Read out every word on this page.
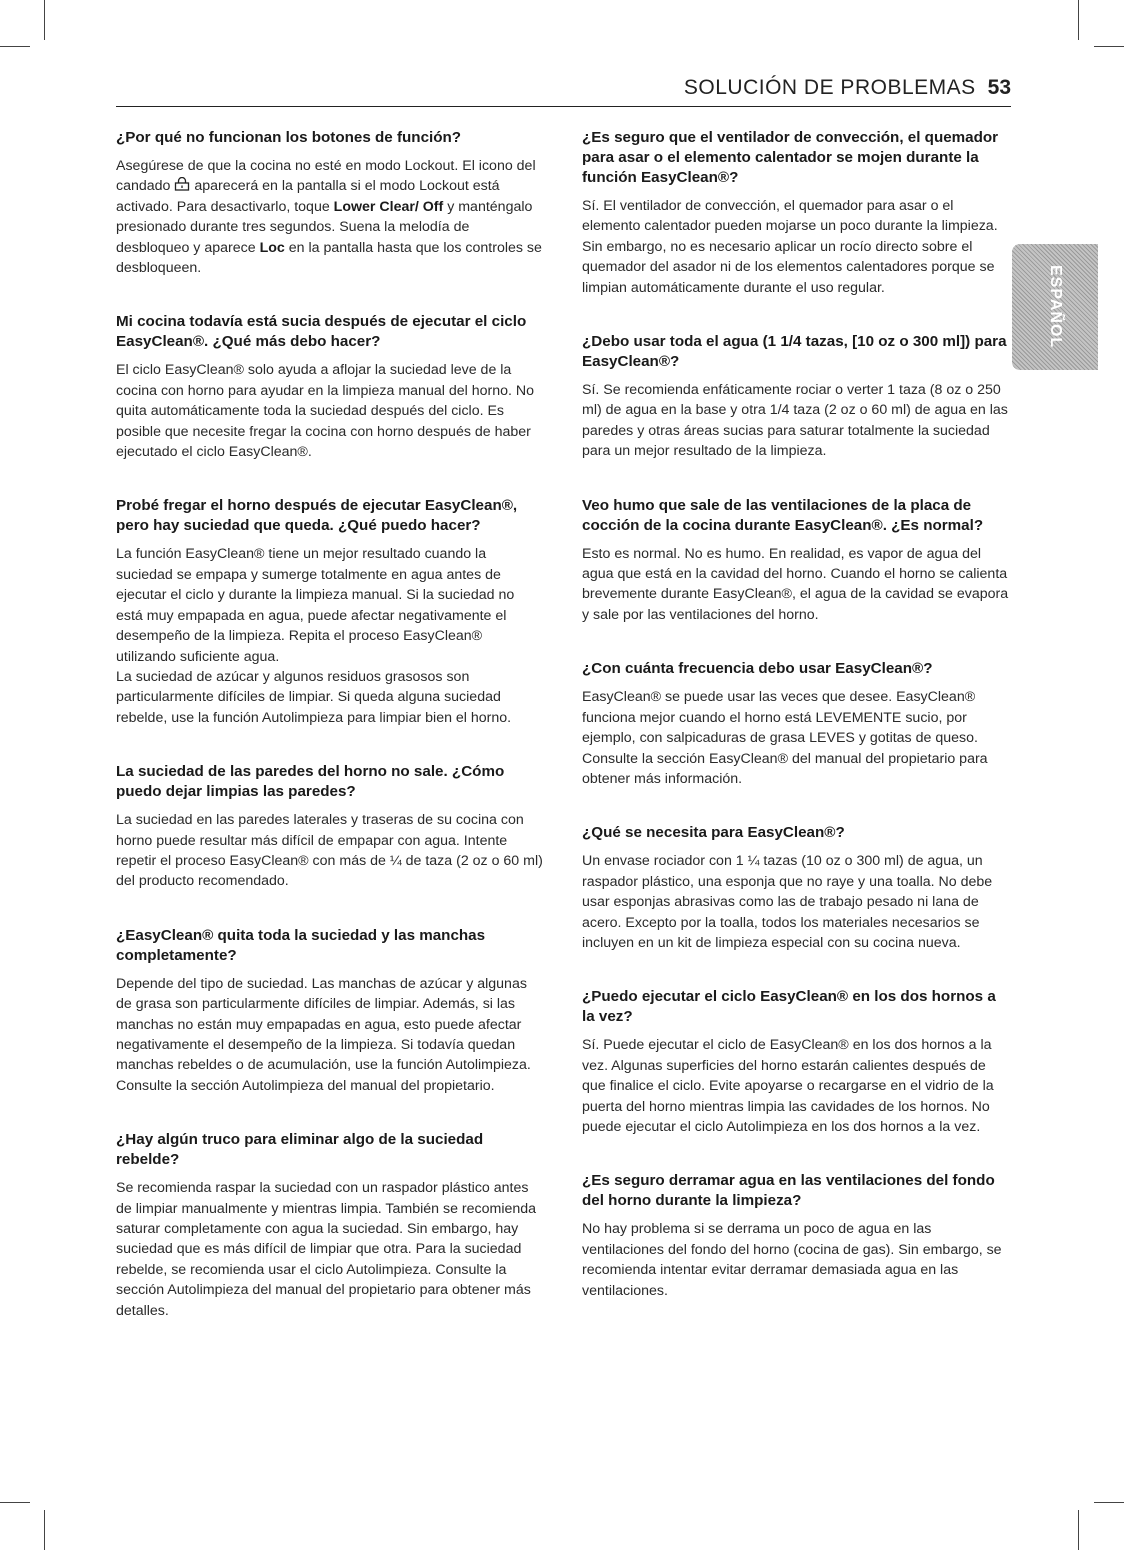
SOLUCIÓN DE PROBLEMAS 53
ESPAÑOL

¿Por qué no funcionan los botones de función?

Asegúrese de que la cocina no esté en modo Lockout. El icono del candado  aparecerá en la pantalla si el modo Lockout está activado. Para desactivarlo, toque Lower Clear/ Off y manténgalo presionado durante tres segundos. Suena la melodía de desbloqueo y aparece Loc en la pantalla hasta que los controles se desbloqueen.

Mi cocina todavía está sucia después de ejecutar el ciclo EasyClean®. ¿Qué más debo hacer?

El ciclo EasyClean® solo ayuda a aflojar la suciedad leve de la cocina con horno para ayudar en la limpieza manual del horno. No quita automáticamente toda la suciedad después del ciclo. Es posible que necesite fregar la cocina con horno después de haber ejecutado el ciclo EasyClean®.

Probé fregar el horno después de ejecutar EasyClean®, pero hay suciedad que queda. ¿Qué puedo hacer?

La función EasyClean® tiene un mejor resultado cuando la suciedad se empapa y sumerge totalmente en agua antes de ejecutar el ciclo y durante la limpieza manual. Si la suciedad no está muy empapada en agua, puede afectar negativamente el desempeño de la limpieza. Repita el proceso EasyClean® utilizando suficiente agua.

La suciedad de azúcar y algunos residuos grasosos son particularmente difíciles de limpiar. Si queda alguna suciedad rebelde, use la función Autolimpieza para limpiar bien el horno.

La suciedad de las paredes del horno no sale. ¿Cómo puedo dejar limpias las paredes?

La suciedad en las paredes laterales y traseras de su cocina con horno puede resultar más difícil de empapar con agua. Intente repetir el proceso EasyClean® con más de ¼ de taza (2 oz o 60 ml) del producto recomendado.

¿EasyClean® quita toda la suciedad y las manchas completamente?

Depende del tipo de suciedad. Las manchas de azúcar y algunas de grasa son particularmente difíciles de limpiar. Además, si las manchas no están muy empapadas en agua, esto puede afectar negativamente el desempeño de la limpieza. Si todavía quedan manchas rebeldes o de acumulación, use la función Autolimpieza. Consulte la sección Autolimpieza del manual del propietario.

¿Hay algún truco para eliminar algo de la suciedad rebelde?

Se recomienda raspar la suciedad con un raspador plástico antes de limpiar manualmente y mientras limpia. También se recomienda saturar completamente con agua la suciedad. Sin embargo, hay suciedad que es más difícil de limpiar que otra. Para la suciedad rebelde, se recomienda usar el ciclo Autolimpieza. Consulte la sección Autolimpieza del manual del propietario para obtener más detalles.

¿Es seguro que el ventilador de convección, el quemador para asar o el elemento calentador se mojen durante la función EasyClean®?

Sí. El ventilador de convección, el quemador para asar o el elemento calentador pueden mojarse un poco durante la limpieza. Sin embargo, no es necesario aplicar un rocío directo sobre el quemador del asador ni de los elementos calentadores porque se limpian automáticamente durante el uso regular.

¿Debo usar toda el agua (1 1/4 tazas, [10 oz o 300 ml]) para EasyClean®?

Sí. Se recomienda enfáticamente rociar o verter 1 taza (8 oz o 250 ml) de agua en la base y otra 1/4 taza (2 oz o 60 ml) de agua en las paredes y otras áreas sucias para saturar totalmente la suciedad para un mejor resultado de la limpieza.

Veo humo que sale de las ventilaciones de la placa de cocción de la cocina durante EasyClean®. ¿Es normal?

Esto es normal. No es humo. En realidad, es vapor de agua del agua que está en la cavidad del horno. Cuando el horno se calienta brevemente durante EasyClean®, el agua de la cavidad se evapora y sale por las ventilaciones del horno.

¿Con cuánta frecuencia debo usar EasyClean®?

EasyClean® se puede usar las veces que desee. EasyClean® funciona mejor cuando el horno está LEVEMENTE sucio, por ejemplo, con salpicaduras de grasa LEVES y gotitas de queso. Consulte la sección EasyClean® del manual del propietario para obtener más información.

¿Qué se necesita para EasyClean®?

Un envase rociador con 1 ¼ tazas (10 oz o 300 ml) de agua, un raspador plástico, una esponja que no raye y una toalla. No debe usar esponjas abrasivas como las de trabajo pesado ni lana de acero. Excepto por la toalla, todos los materiales necesarios se incluyen en un kit de limpieza especial con su cocina nueva.

¿Puedo ejecutar el ciclo EasyClean® en los dos hornos a la vez?

Sí. Puede ejecutar el ciclo de EasyClean® en los dos hornos a la vez. Algunas superficies del horno estarán calientes después de que finalice el ciclo. Evite apoyarse o recargarse en el vidrio de la puerta del horno mientras limpia las cavidades de los hornos. No puede ejecutar el ciclo Autolimpieza en los dos hornos a la vez.

¿Es seguro derramar agua en las ventilaciones del fondo del horno durante la limpieza?

No hay problema si se derrama un poco de agua en las ventilaciones del fondo del horno (cocina de gas). Sin embargo, se recomienda intentar evitar derramar demasiada agua en las ventilaciones.
